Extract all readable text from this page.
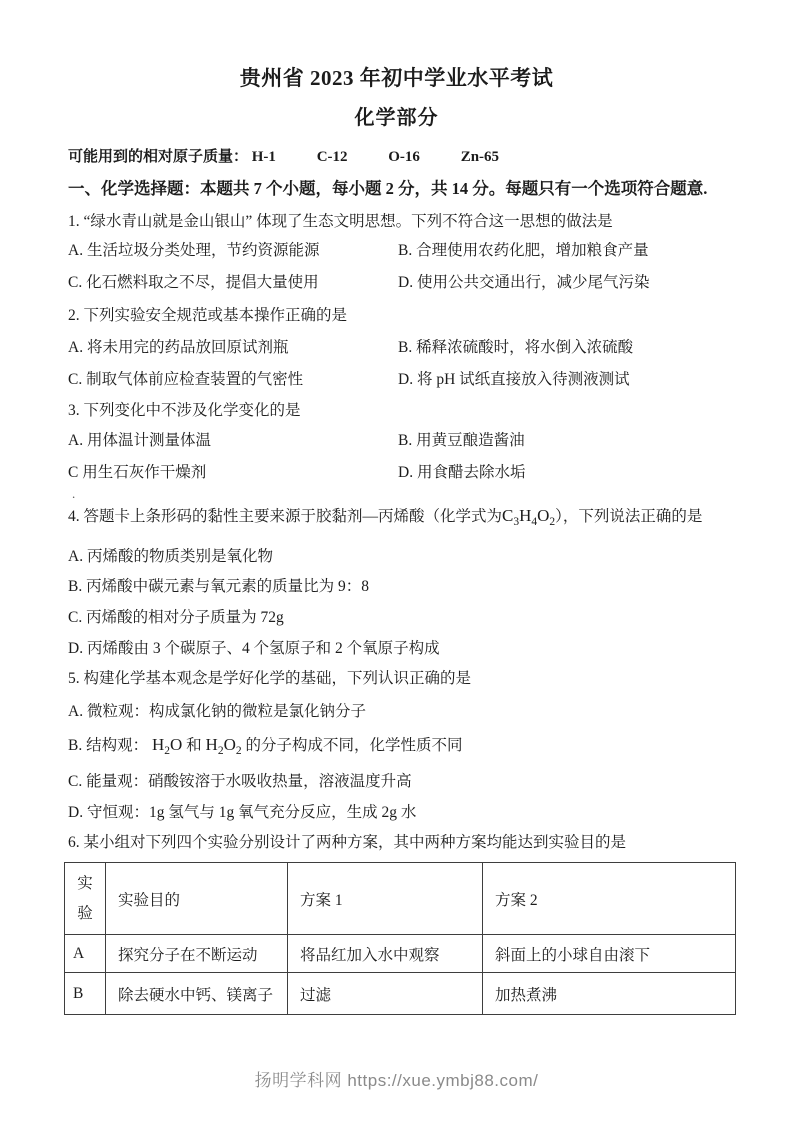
贵州省 2023 年初中学业水平考试
化学部分
可能用到的相对原子质量： H-1	C-12	O-16	Zn-65
一、化学选择题：本题共 7 个小题，每小题 2 分，共 14 分。每题只有一个选项符合题意.
1. “绿水青山就是金山银山” 体现了生态文明思想。下列不符合这一思想的做法是
A. 生活垃圾分类处理，节约资源能源	B. 合理使用农药化肥，增加粮食产量
C. 化石燃料取之不尽，提倡大量使用	D. 使用公共交通出行，减少尾气污染
2. 下列实验安全规范或基本操作正确的是
A. 将未用完的药品放回原试剂瓶	B. 稀释浓硫酸时，将水倒入浓硫酸
C. 制取气体前应检查装置的气密性	D. 将 pH 试纸直接放入待测液测试
3. 下列变化中不涉及化学变化的是
A. 用体温计测量体温	B. 用黄豆酿造酱油
C 用生石灰作干燥剂	D. 用食醋去除水垢
.
4. 答题卡上条形码的黏性主要来源于胶黏剂—丙烯酸（化学式为$C_3H_4O_2$），下列说法正确的是
A. 丙烯酸的物质类别是氧化物
B. 丙烯酸中碳元素与氧元素的质量比为 9：8
C. 丙烯酸的相对分子质量为 72g
D. 丙烯酸由 3 个碳原子、4 个氢原子和 2 个氧原子构成
5. 构建化学基本观念是学好化学的基础，下列认识正确的是
A. 微粒观：构成氯化钠的微粒是氯化钠分子
B. 结构观： $H_2O$ 和 $H_2O_2$ 的分子构成不同，化学性质不同
C. 能量观：硝酸铵溶于水吸收热量，溶液温度升高
D. 守恒观：1g 氢气与 1g 氧气充分反应，生成 2g 水
6. 某小组对下列四个实验分别设计了两种方案，其中两种方案均能达到实验目的是
实验	实验目的	方案 1	方案 2
A	探究分子在不断运动	将品红加入水中观察	斜面上的小球自由滚下
B	除去硬水中钙、镁离子	过滤	加热煮沸
扬明学科网 https://xue.ymbj88.com/
